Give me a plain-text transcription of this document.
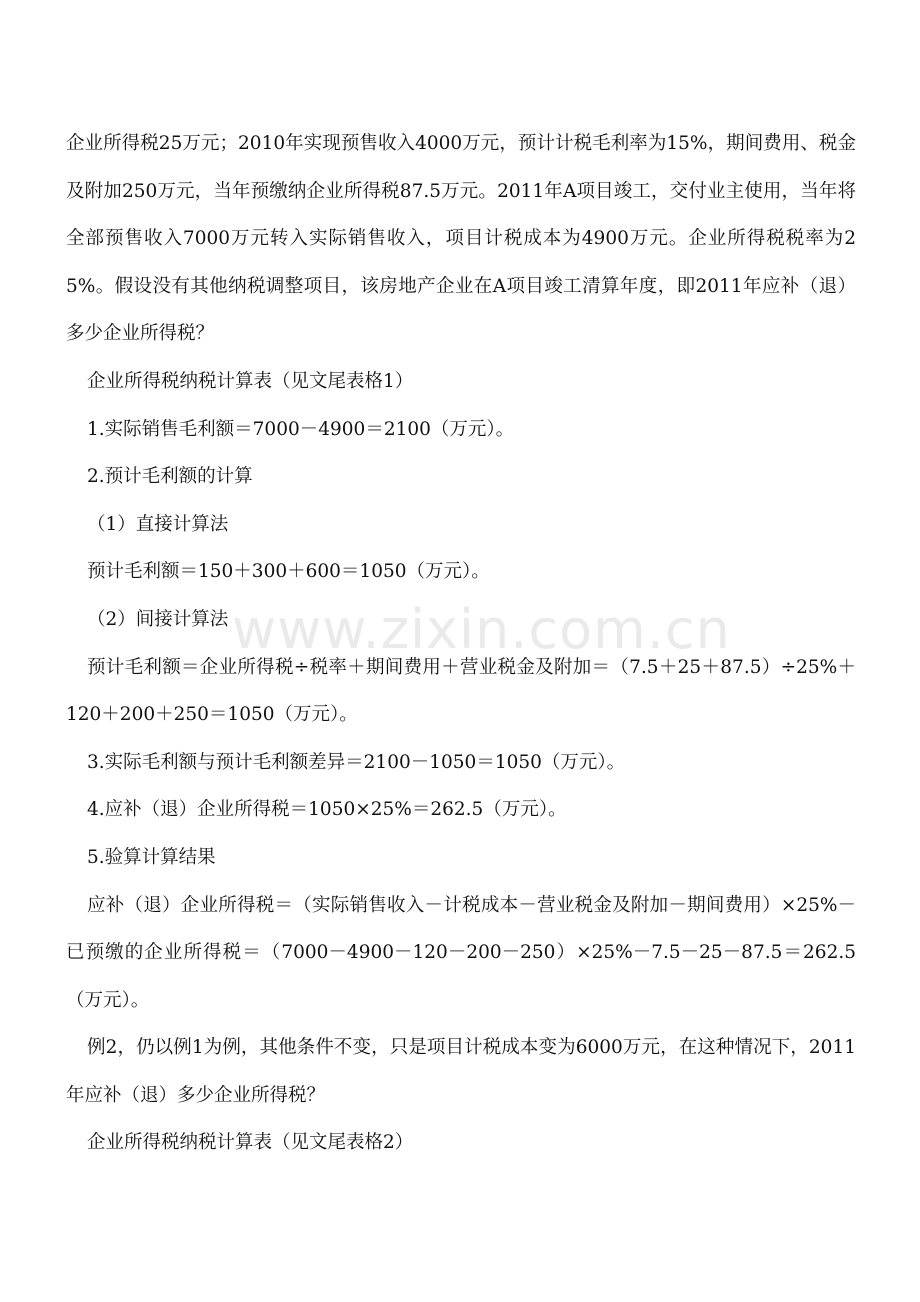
企业所得税25万元；2010年实现预售收入4000万元，预计计税毛利率为15%，期间费用、税金及附加250万元，当年预缴纳企业所得税87.5万元。2011年A项目竣工，交付业主使用，当年将全部预售收入7000万元转入实际销售收入，项目计税成本为4900万元。企业所得税税率为25%。假设没有其他纳税调整项目，该房地产企业在A项目竣工清算年度，即2011年应补（退）多少企业所得税？

企业所得税纳税计算表（见文尾表格1）

1.实际销售毛利额＝7000－4900＝2100（万元）。

2.预计毛利额的计算

（1）直接计算法

预计毛利额＝150＋300＋600＝1050（万元）。

（2）间接计算法

预计毛利额＝企业所得税÷税率＋期间费用＋营业税金及附加＝（7.5＋25＋87.5）÷25%＋120＋200＋250＝1050（万元）。

3.实际毛利额与预计毛利额差异＝2100－1050＝1050（万元）。

4.应补（退）企业所得税＝1050×25%＝262.5（万元）。

5.验算计算结果

应补（退）企业所得税＝（实际销售收入－计税成本－营业税金及附加－期间费用）×25%－已预缴的企业所得税＝（7000－4900－120－200－250）×25%－7.5－25－87.5＝262.5（万元）。

例2，仍以例1为例，其他条件不变，只是项目计税成本变为6000万元，在这种情况下，2011年应补（退）多少企业所得税？

企业所得税纳税计算表（见文尾表格2）

www.zixin.com.cn
